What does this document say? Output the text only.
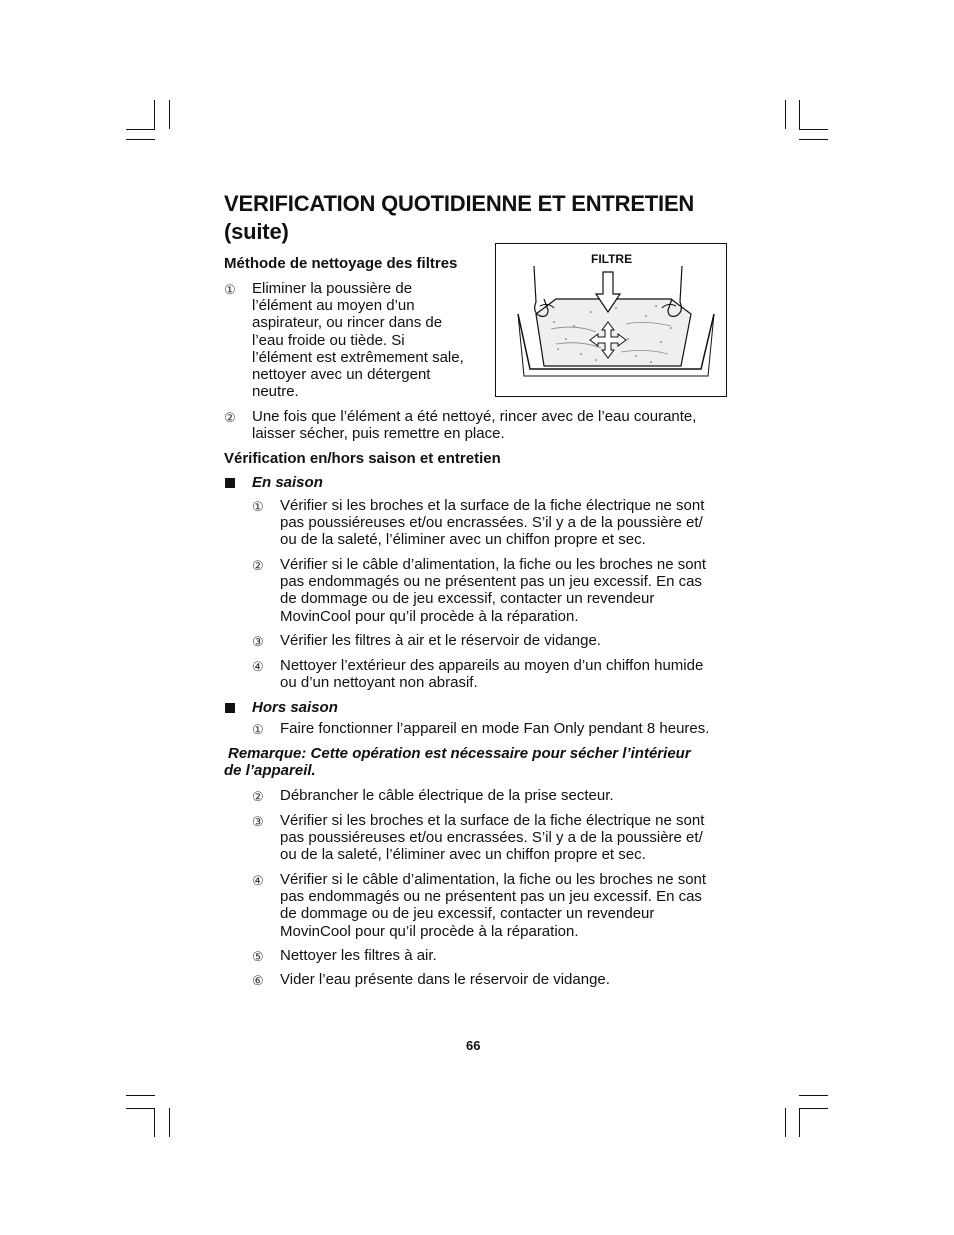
VERIFICATION QUOTIDIENNE ET ENTRETIEN
(suite)
Méthode de nettoyage des filtres
① Eliminer la poussière de
l’élément au moyen d’un
aspirateur, ou rincer dans de
l’eau froide ou tiède. Si
l’élément est extrêmement sale,
nettoyer avec un détergent
neutre.
FILTRE
② Une fois que l’élément a été nettoyé, rincer avec de l’eau courante,
laisser sécher, puis remettre en place.
Vérification en/hors saison et entretien
En saison
① Vérifier si les broches et la surface de la fiche électrique ne sont
pas poussiéreuses et/ou encrassées. S’il y a de la poussière et/
ou de la saleté, l’éliminer avec un chiffon propre et sec.
② Vérifier si le câble d’alimentation, la fiche ou les broches ne sont
pas endommagés ou ne présentent pas un jeu excessif. En cas
de dommage ou de jeu excessif, contacter un revendeur
MovinCool pour qu’il procède à la réparation.
③ Vérifier les filtres à air et le réservoir de vidange.
④ Nettoyer l’extérieur des appareils au moyen d’un chiffon humide
ou d’un nettoyant non abrasif.
Hors saison
① Faire fonctionner l’appareil en mode Fan Only pendant 8 heures.
Remarque: Cette opération est nécessaire pour sécher l’intérieur
de l’appareil.
② Débrancher le câble électrique de la prise secteur.
③ Vérifier si les broches et la surface de la fiche électrique ne sont
pas poussiéreuses et/ou encrassées. S’il y a de la poussière et/
ou de la saleté, l’éliminer avec un chiffon propre et sec.
④ Vérifier si le câble d’alimentation, la fiche ou les broches ne sont
pas endommagés ou ne présentent pas un jeu excessif. En cas
de dommage ou de jeu excessif, contacter un revendeur
MovinCool pour qu’il procède à la réparation.
⑤ Nettoyer les filtres à air.
⑥ Vider l’eau présente dans le réservoir de vidange.
66
